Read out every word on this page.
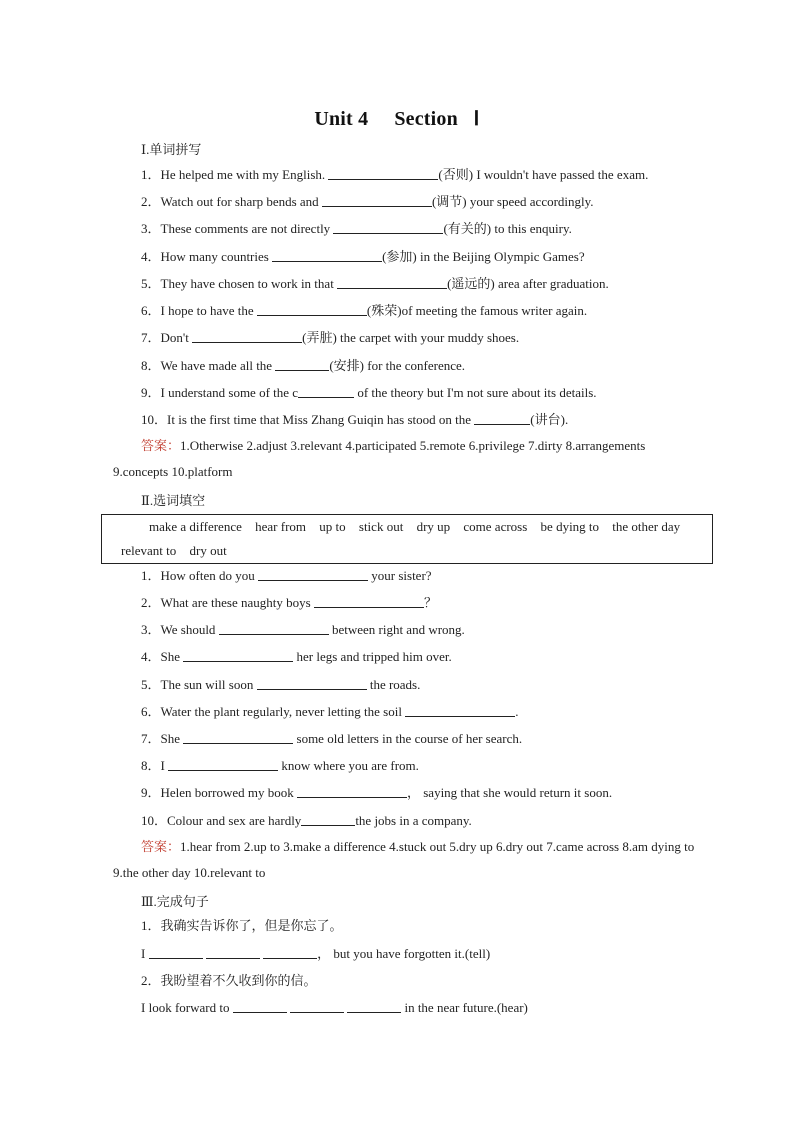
Unit 4 Section Ⅰ
Ⅰ.单词拼写
1．He helped me with my English.	(否则) I wouldn't have passed the exam.
2．Watch out for sharp bends and	(调节) your speed accordingly.
3．These comments are not directly	(有关的) to this enquiry.
4．How many countries	(参加) in the Beijing Olympic Games?
5．They have chosen to work in that	(遥远的) area after graduation.
6．I hope to have the	(殊荣)of meeting the famous writer again.
7．Don't	(弄脏) the carpet with your muddy shoes.
8．We have made all the	(安排) for the conference.
9．I understand some of the c	of the theory but I'm not sure about its details.
10．It is the first time that Miss Zhang Guiqin has stood on the	(讲台).
答案：1.Otherwise 2.adjust 3.relevant 4.participated 5.remote 6.privilege 7.dirty 8.arrangements 9.concepts 10.platform
Ⅱ.选词填空
make a difference hear from up to stick out dry up come across be dying to the other day relevant to dry out
1．How often do you	your sister?
2．What are these naughty boys	？
3．We should	between right and wrong.
4．She	her legs and tripped him over.
5．The sun will soon	the roads.
6．Water the plant regularly, never letting the soil	.
7．She	some old letters in the course of her search.
8．I	know where you are from.
9．Helen borrowed my book	， saying that she would return it soon.
10．Colour and sex are hardly	the jobs in a company.
答案：1.hear from 2.up to 3.make a difference 4.stuck out 5.dry up 6.dry out 7.came across 8.am dying to 9.the other day 10.relevant to
Ⅲ.完成句子
1．我确实告诉你了，但是你忘了。
I	， but you have forgotten it.(tell)
2．我盼望着不久收到你的信。
I look forward to	in the near future.(hear)
